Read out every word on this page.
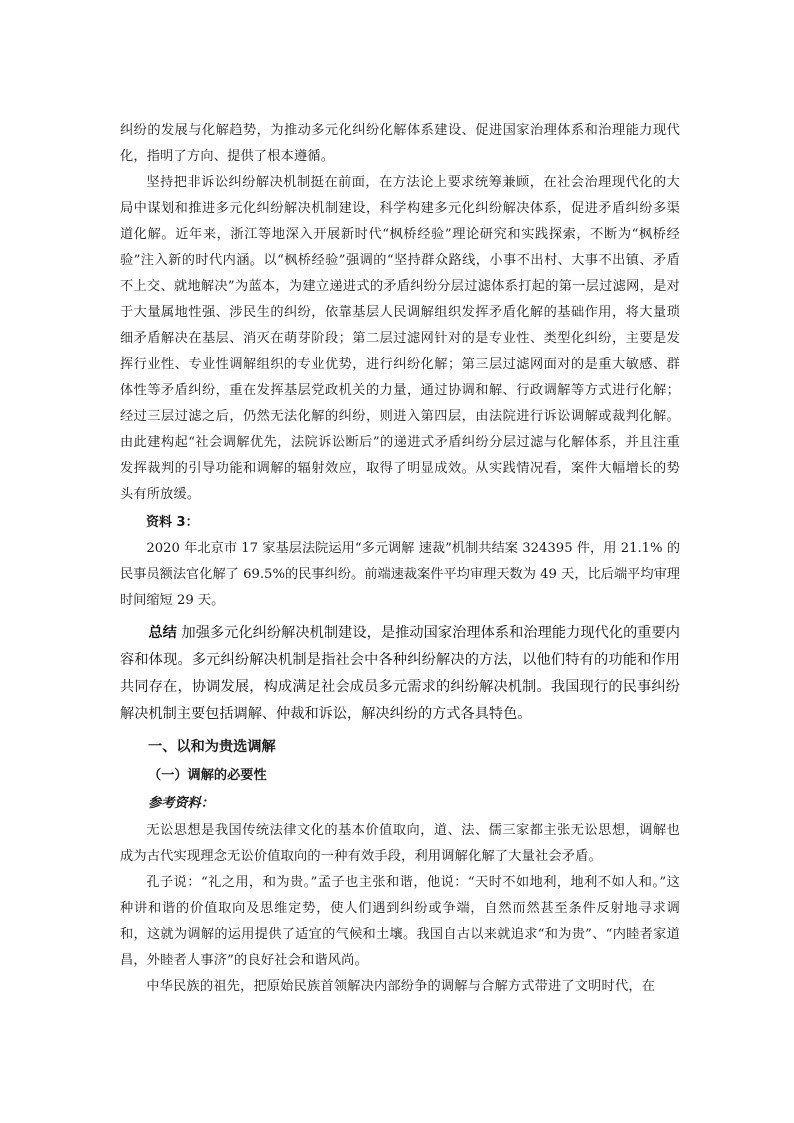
纠纷的发展与化解趋势，为推动多元化纠纷化解体系建设、促进国家治理体系和治理能力现代化，指明了方向、提供了根本遵循。

坚持把非诉讼纠纷解决机制挺在前面，在方法论上要求统筹兼顾，在社会治理现代化的大局中谋划和推进多元化纠纷解决机制建设，科学构建多元化纠纷解决体系，促进矛盾纠纷多渠道化解。近年来，浙江等地深入开展新时代“枫桥经验”理论研究和实践探索，不断为“枫桥经验”注入新的时代内涵。以“枫桥经验”强调的“坚持群众路线，小事不出村、大事不出镇、矛盾不上交、就地解决”为蓝本，为建立递进式的矛盾纠纷分层过滤体系打起的第一层过滤网，是对于大量属地性强、涉民生的纠纷，依靠基层人民调解组织发挥矛盾化解的基础作用，将大量琐细矛盾解决在基层、消灭在萌芽阶段；第二层过滤网针对的是专业性、类型化纠纷，主要是发挥行业性、专业性调解组织的专业优势，进行纠纷化解；第三层过滤网面对的是重大敏感、群体性等矛盾纠纷，重在发挥基层党政机关的力量，通过协调和解、行政调解等方式进行化解；经过三层过滤之后，仍然无法化解的纠纷，则进入第四层，由法院进行诉讼调解或裁判化解。由此建构起“社会调解优先，法院诉讼断后”的递进式矛盾纠纷分层过滤与化解体系，并且注重发挥裁判的引导功能和调解的辐射效应，取得了明显成效。从实践情况看，案件大幅增长的势头有所放缓。

资料 3：

2020 年北京市 17 家基层法院运用“多元调解 速裁”机制共结案 324395 件，用 21.1% 的民事员额法官化解了 69.5%的民事纠纷。前端速裁案件平均审理天数为 49 天，比后端平均审理时间缩短 29 天。

总结 加强多元化纠纷解决机制建设，是推动国家治理体系和治理能力现代化的重要内容和体现。多元纠纷解决机制是指社会中各种纠纷解决的方法，以他们特有的功能和作用共同存在，协调发展，构成满足社会成员多元需求的纠纷解决机制。我国现行的民事纠纷解决机制主要包括调解、仲裁和诉讼，解决纠纷的方式各具特色。

一、以和为贵选调解

（一）调解的必要性

参考资料：

无讼思想是我国传统法律文化的基本价值取向，道、法、儒三家都主张无讼思想，调解也成为古代实现理念无讼价值取向的一种有效手段，利用调解化解了大量社会矛盾。

孔子说：“礼之用，和为贵。”孟子也主张和谐，他说：“天时不如地利，地利不如人和。”这种讲和谐的价值取向及思维定势，使人们遇到纠纷或争端，自然而然甚至条件反射地寻求调和，这就为调解的运用提供了适宜的气候和土壤。我国自古以来就追求“和为贵”、“内睦者家道昌，外睦者人事济”的良好社会和谐风尚。

中华民族的祖先，把原始民族首领解决内部纷争的调解与合解方式带进了文明时代，在
